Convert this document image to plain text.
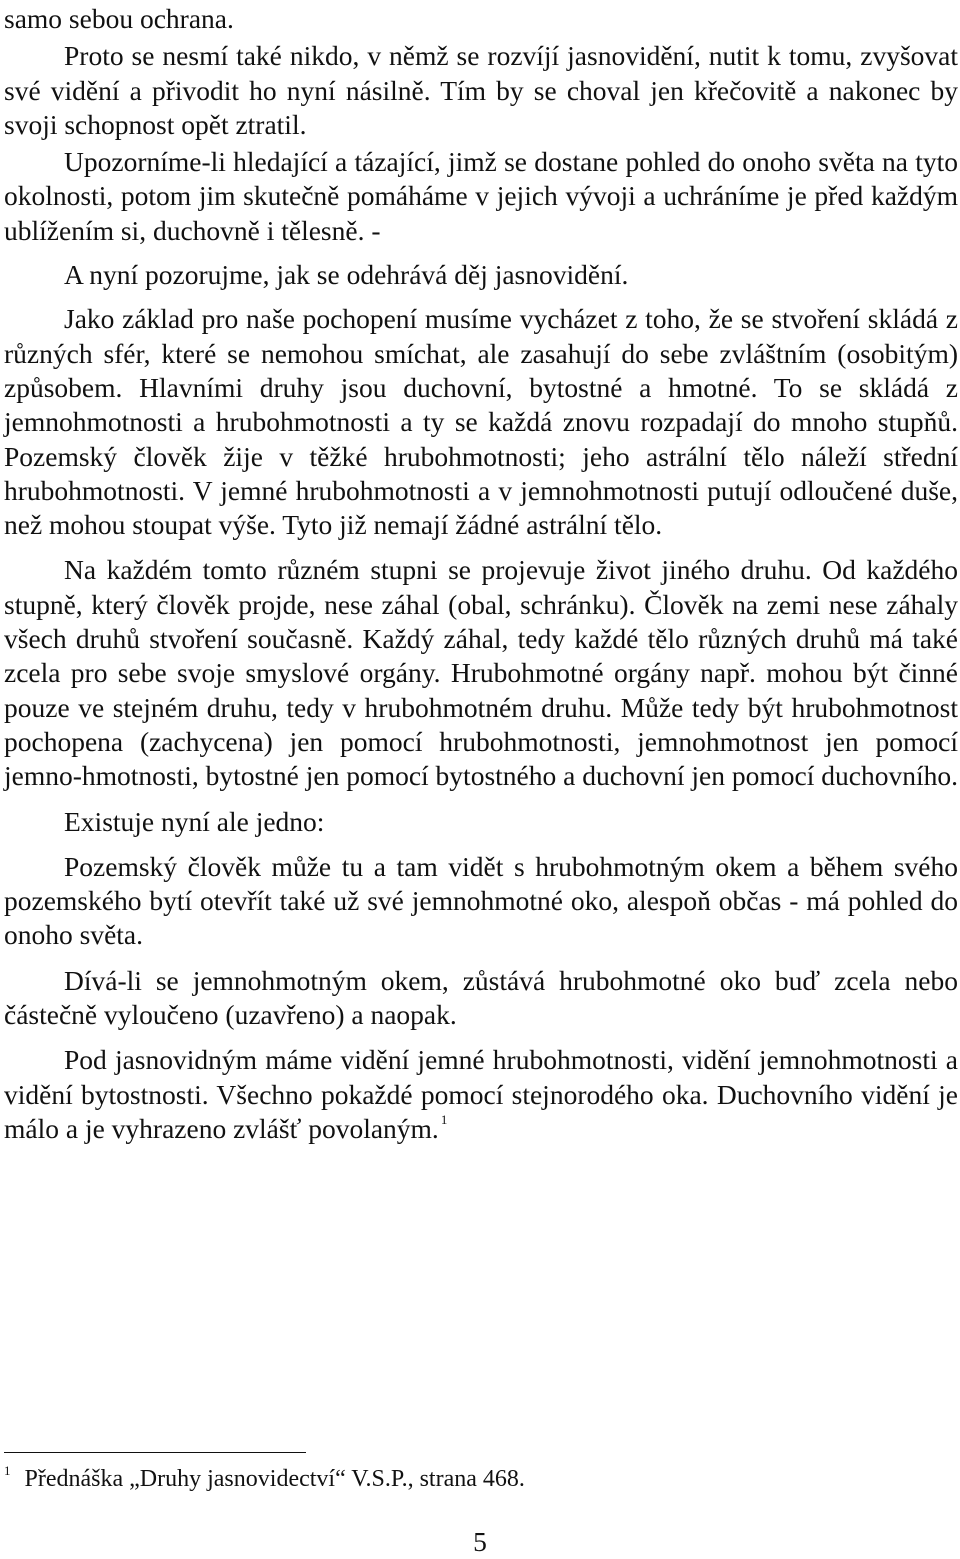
samo sebou ochrana.

Proto se nesmí také nikdo, v němž se rozvíjí jasnovidění, nutit k tomu, zvyšovat své vidění a přivodit ho nyní násilně. Tím by se choval jen křečovitě a nakonec by svoji schopnost opět ztratil.

Upozorníme-li hledající a tázající, jimž se dostane pohled do onoho světa na tyto okolnosti, potom jim skutečně pomáháme v jejich vývoji a uchráníme je před každým ublížením si, duchovně i tělesně. -

A nyní pozorujme, jak se odehrává děj jasnovidění.

Jako základ pro naše pochopení musíme vycházet z toho, že se stvoření skládá z různých sfér, které se nemohou smíchat, ale zasahují do sebe zvláštním (osobitým) způsobem. Hlavními druhy jsou duchovní, bytostné a hmotné. To se skládá z jemnohmotnosti a hrubohmotnosti a ty se každá znovu rozpadají do mnoho stupňů. Pozemský člověk žije v těžké hrubohmotnosti; jeho astrální tělo náleží střední hrubohmotnosti. V jemné hrubohmotnosti a v jemnohmotnosti putují odloučené duše, než mohou stoupat výše. Tyto již nemají žádné astrální tělo.

Na každém tomto různém stupni se projevuje život jiného druhu. Od každého stupně, který člověk projde, nese záhal (obal, schránku). Člověk na zemi nese záhaly všech druhů stvoření současně. Každý záhal, tedy každé tělo různých druhů má také zcela pro sebe svoje smyslové orgány. Hrubohmotné orgány např. mohou být činné pouze ve stejném druhu, tedy v hrubohmotném druhu. Může tedy být hrubohmotnost pochopena (zachycena) jen pomocí hrubohmotnosti, jemnohmotnost jen pomocí jemno-hmotnosti, bytostné jen pomocí bytostného a duchovní jen pomocí duchovního.

Existuje nyní ale jedno:

Pozemský člověk může tu a tam vidět s hrubohmotným okem a během svého pozemského bytí otevřít také už své jemnohmotné oko, alespoň občas - má pohled do onoho světa.

Dívá-li se jemnohmotným okem, zůstává hrubohmotné oko buď zcela nebo částečně vyloučeno (uzavřeno) a naopak.

Pod jasnovidným máme vidění jemné hrubohmotnosti, vidění jemnohmotnosti a vidění bytostnosti. Všechno pokaždé pomocí stejnorodého oka. Duchovního vidění je málo a je vyhrazeno zvlášť povolaným. $^1$

$^1$ Přednáška „Druhy jasnovidectví“ V.S.P., strana 468.
5
